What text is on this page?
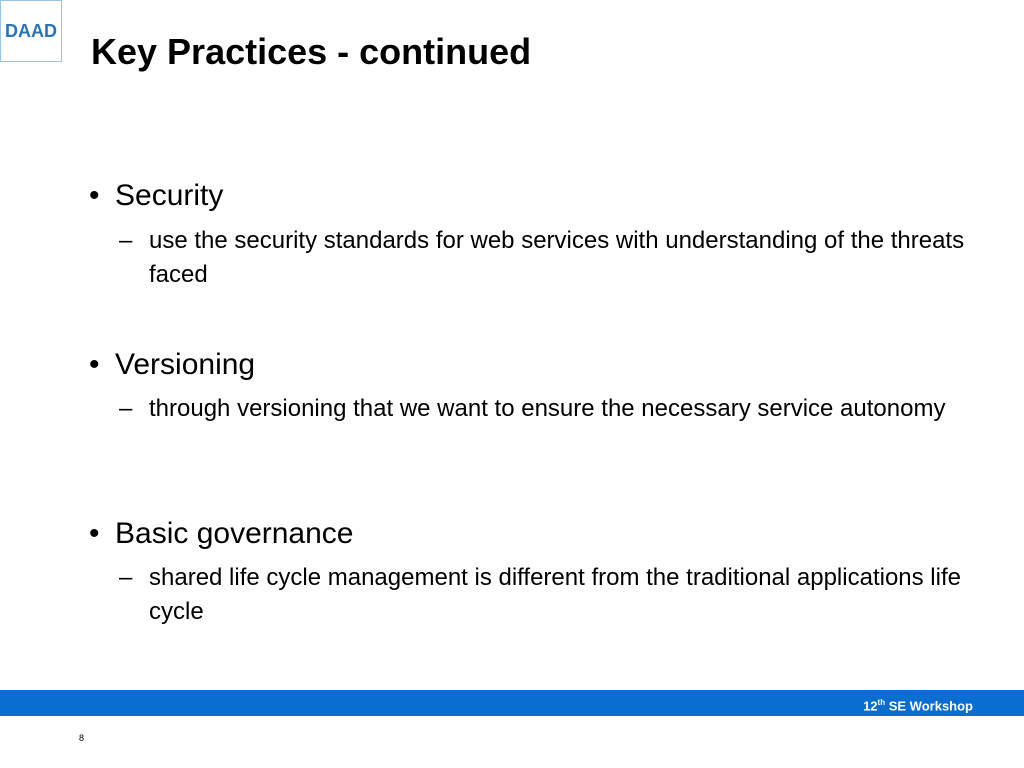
DAAD
Key Practices - continued
• Security
– use the security standards for web services with understanding of the threats faced
• Versioning
– through versioning that we want to ensure the necessary service autonomy
• Basic governance
– shared life cycle management is different from the traditional applications life cycle
12th SE Workshop
8
